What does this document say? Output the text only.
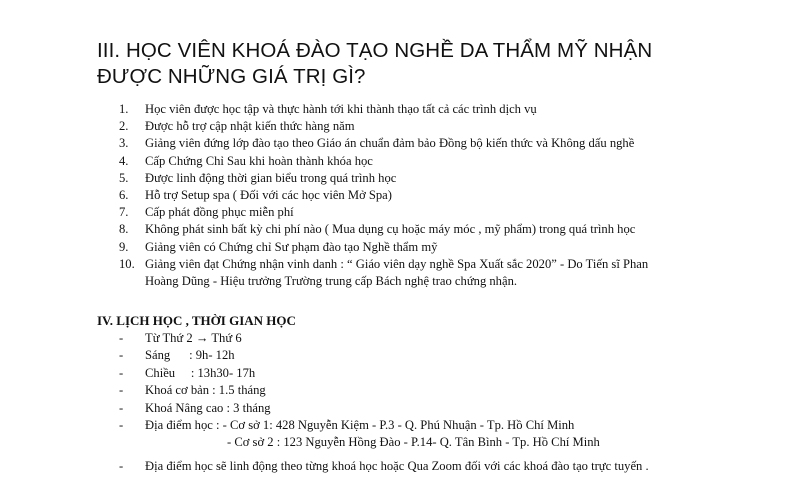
III. HỌC VIÊN KHOÁ ĐÀO TẠO NGHỀ DA THẨM MỸ NHẬN
ĐƯỢC NHỮNG GIÁ TRỊ GÌ?
1.	Học viên được học tập và thực hành tới khi thành thạo tất cả các trình dịch vụ
2.	Được hỗ trợ cập nhật kiến thức hàng năm
3.	Giảng viên đứng lớp đào tạo theo Giáo án chuẩn đảm bảo Đồng bộ kiến thức và Không dấu nghề
4.	Cấp Chứng Chỉ Sau khi hoàn thành khóa học
5.	Được linh động thời gian biểu trong quá trình học
6.	Hỗ trợ Setup spa ( Đối với các học viên Mở Spa)
7.	Cấp phát đồng phục miễn phí
8.	Không phát sinh bất kỳ chi phí nào ( Mua dụng cụ hoặc máy móc , mỹ phẩm) trong quá trình học
9.	Giảng viên có Chứng chỉ Sư phạm đào tạo Nghề thẩm mỹ
10. Giảng viên đạt Chứng nhận vinh danh : “ Giáo viên dạy nghề Spa Xuất sắc 2020” - Do Tiến sĩ Phan
Hoàng Dũng - Hiệu trưởng Trường trung cấp Bách nghệ trao chứng nhận.
IV. LỊCH HỌC , THỜI GIAN HỌC
-	Từ Thứ 2 → Thứ 6
-	Sáng      : 9h- 12h
-	Chiều     : 13h30- 17h
-	Khoá cơ bản : 1.5 tháng
-	Khoá Nâng cao : 3 tháng
-	Địa điểm học : - Cơ sở 1: 428 Nguyễn Kiệm - P.3 - Q. Phú Nhuận - Tp. Hồ Chí Minh
- Cơ sở 2 : 123 Nguyễn Hồng Đào - P.14- Q. Tân Bình - Tp. Hồ Chí Minh
-	Địa điểm học sẽ linh động theo từng khoá học hoặc Qua Zoom đối với các khoá đào tạo trực tuyến .
